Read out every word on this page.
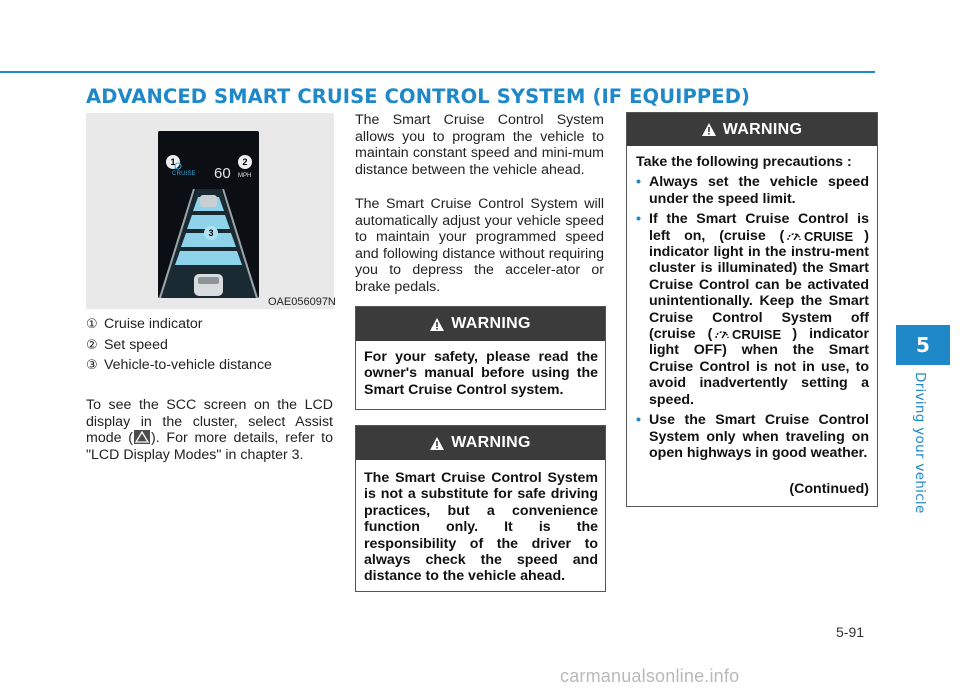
ADVANCED SMART CRUISE CONTROL SYSTEM (IF EQUIPPED)
5
Driving your vehicle
1	2
CRUISE 60 MPH
3
OAE056097N
① Cruise indicator
② Set speed
③ Vehicle-to-vehicle distance

To see the SCC screen on the LCD display in the cluster, select Assist mode ( ). For more details, refer to "LCD Display Modes" in chapter 3.

The Smart Cruise Control System allows you to program the vehicle to maintain constant speed and mini-mum distance between the vehicle ahead.

The Smart Cruise Control System will automatically adjust your vehicle speed to maintain your programmed speed and following distance without requiring you to depress the acceler-ator or brake pedals.

WARNING

For your safety, please read the owner's manual before using the Smart Cruise Control system.

WARNING

The Smart Cruise Control System is not a substitute for safe driving practices, but a convenience function only. It is the responsibility of the driver to always check the speed and distance to the vehicle ahead.

WARNING

Take the following precautions :

• Always set the vehicle speed under the speed limit.
• If the Smart Cruise Control is left on, (cruise ( CRUISE ) indicator light in the instru-ment cluster is illuminated) the Smart Cruise Control can be activated unintentionally. Keep the Smart Cruise Control System off (cruise ( CRUISE ) indicator light OFF) when the Smart Cruise Control is not in use, to avoid inadvertently setting a speed.
• Use the Smart Cruise Control System only when traveling on open highways in good weather.
(Continued)
5-91
carmanualsonline.info
